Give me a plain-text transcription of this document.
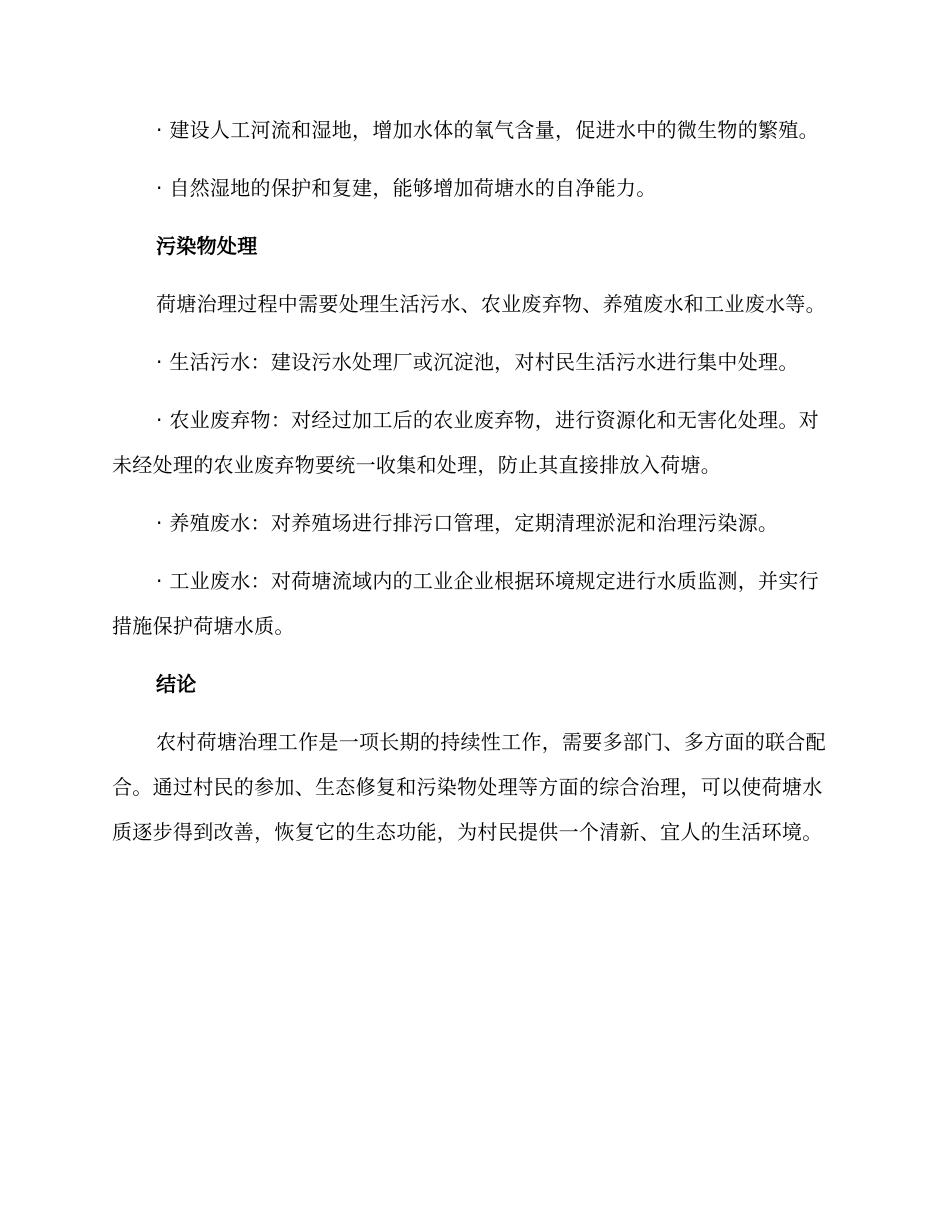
· 建设人工河流和湿地，增加水体的氧气含量，促进水中的微生物的繁殖。

· 自然湿地的保护和复建，能够增加荷塘水的自净能力。

污染物处理

荷塘治理过程中需要处理生活污水、农业废弃物、养殖废水和工业废水等。

· 生活污水：建设污水处理厂或沉淀池，对村民生活污水进行集中处理。

· 农业废弃物：对经过加工后的农业废弃物，进行资源化和无害化处理。对未经处理的农业废弃物要统一收集和处理，防止其直接排放入荷塘。

· 养殖废水：对养殖场进行排污口管理，定期清理淤泥和治理污染源。

· 工业废水：对荷塘流域内的工业企业根据环境规定进行水质监测，并实行措施保护荷塘水质。

结论

农村荷塘治理工作是一项长期的持续性工作，需要多部门、多方面的联合配合。通过村民的参加、生态修复和污染物处理等方面的综合治理，可以使荷塘水质逐步得到改善，恢复它的生态功能，为村民提供一个清新、宜人的生活环境。
